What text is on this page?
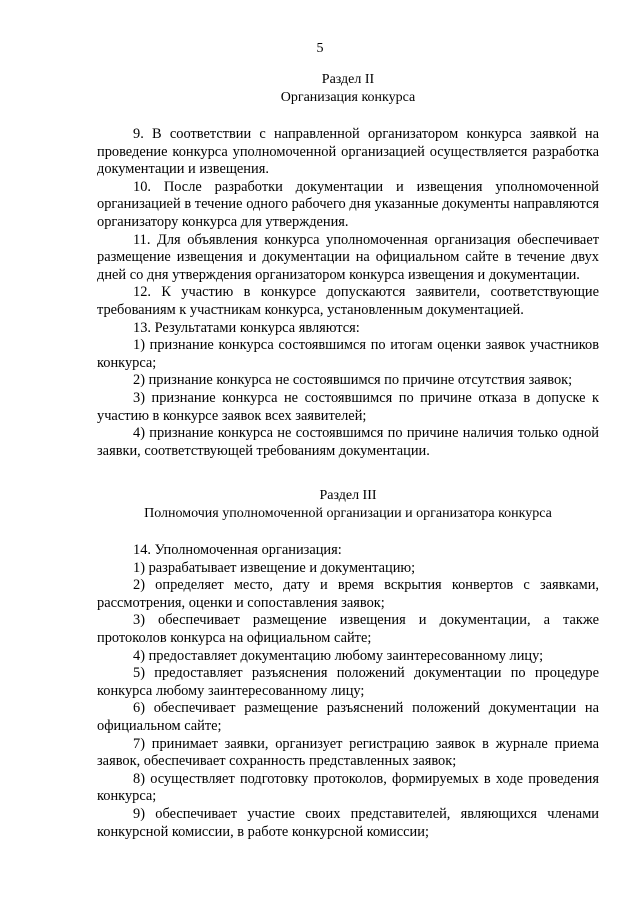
5

Раздел II

Организация конкурса

9. В соответствии с направленной организатором конкурса заявкой на проведение конкурса уполномоченной организацией осуществляется разработка документации и извещения.

10. После разработки документации и извещения уполномоченной организацией в течение одного рабочего дня указанные документы направляются организатору конкурса для утверждения.

11. Для объявления конкурса уполномоченная организация обеспечивает размещение извещения и документации на официальном сайте в течение двух дней со дня утверждения организатором конкурса извещения и документации.

12. К участию в конкурсе допускаются заявители, соответствующие требованиям к участникам конкурса, установленным документацией.

13. Результатами конкурса являются:

1) признание конкурса состоявшимся по итогам оценки заявок участников конкурса;

2) признание конкурса не состоявшимся по причине отсутствия заявок;

3) признание конкурса не состоявшимся по причине отказа в допуске к участию в конкурсе заявок всех заявителей;

4) признание конкурса не состоявшимся по причине наличия только одной заявки, соответствующей требованиям документации.

Раздел III

Полномочия уполномоченной организации и организатора конкурса

14. Уполномоченная организация:

1) разрабатывает извещение и документацию;

2) определяет место, дату и время вскрытия конвертов с заявками, рассмотрения, оценки и сопоставления заявок;

3) обеспечивает размещение извещения и документации, а также протоколов конкурса на официальном сайте;

4) предоставляет документацию любому заинтересованному лицу;

5) предоставляет разъяснения положений документации по процедуре конкурса любому заинтересованному лицу;

6) обеспечивает размещение разъяснений положений документации на официальном сайте;

7) принимает заявки, организует регистрацию заявок в журнале приема заявок, обеспечивает сохранность представленных заявок;

8) осуществляет подготовку протоколов, формируемых в ходе проведения конкурса;

9) обеспечивает участие своих представителей, являющихся членами конкурсной комиссии, в работе конкурсной комиссии;
